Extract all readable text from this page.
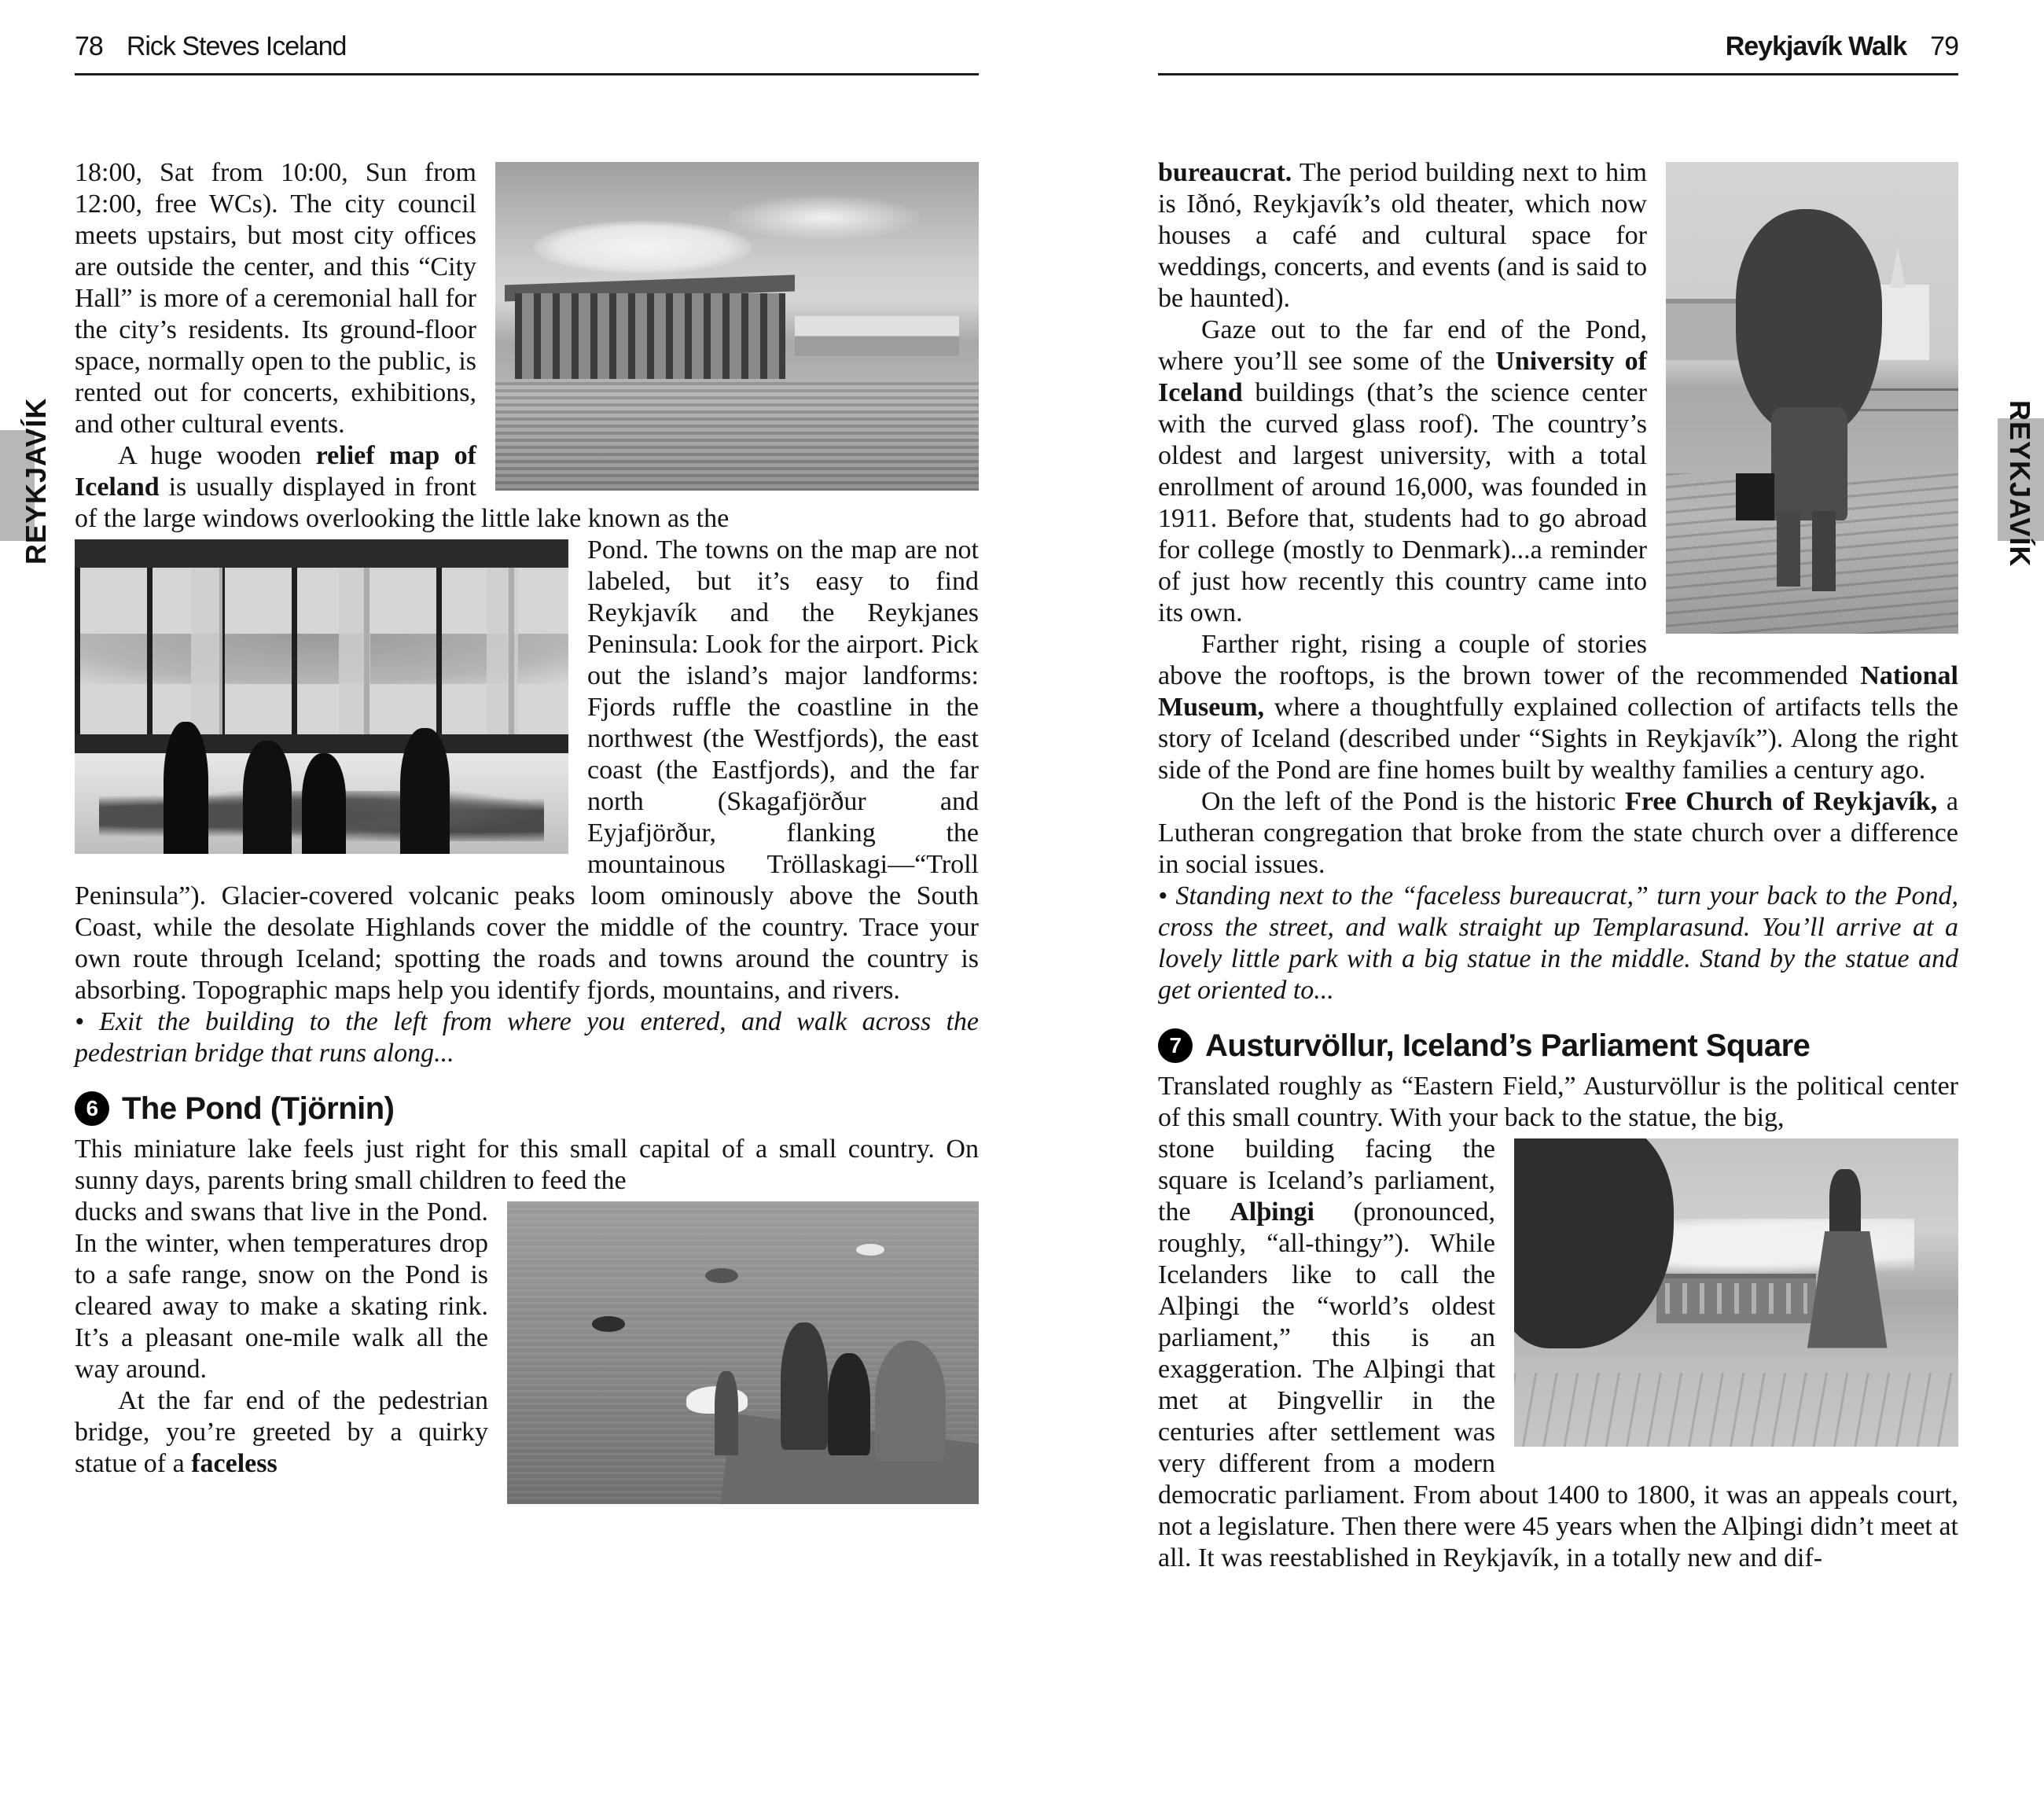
78 Rick Steves Iceland

18:00, Sat from 10:00, Sun from 12:00, free WCs). The city council meets upstairs, but most city offices are outside the center, and this “City Hall” is more of a ceremonial hall for the city’s residents. Its ground-floor space, normally open to the public, is rented out for concerts, exhibitions, and other cultural events.

A huge wooden relief map of Iceland is usually displayed in front of the large windows overlooking the little lake known as the

Pond. The towns on the map are not labeled, but it’s easy to find Reykjavík and the Reykjanes Peninsula: Look for the airport. Pick out the island’s major landforms: Fjords ruffle the coastline in the northwest (the Westfjords), the east coast (the Eastfjords), and the far north (Skagafjörður and Eyjafjörður, flanking the mountainous Tröllaskagi—“Troll Peninsula”). Glacier-covered volcanic peaks loom ominously above the South Coast, while the desolate Highlands cover the middle of the country. Trace your own route through Iceland; spotting the roads and towns around the country is absorbing. Topographic maps help you identify fjords, mountains, and rivers.

• Exit the building to the left from where you entered, and walk across the pedestrian bridge that runs along...

6 The Pond (Tjörnin)

This miniature lake feels just right for this small capital of a small country. On sunny days, parents bring small children to feed the

ducks and swans that live in the Pond. In the winter, when temperatures drop to a safe range, snow on the Pond is cleared away to make a skating rink. It’s a pleasant one-mile walk all the way around.

At the far end of the pedestrian bridge, you’re greeted by a quirky statue of a faceless

Reykjavík Walk 79

bureaucrat. The period building next to him is Iðnó, Reykjavík’s old theater, which now houses a café and cultural space for weddings, concerts, and events (and is said to be haunted).

Gaze out to the far end of the Pond, where you’ll see some of the University of Iceland buildings (that’s the science center with the curved glass roof). The country’s oldest and largest university, with a total enrollment of around 16,000, was founded in 1911. Before that, students had to go abroad for college (mostly to Denmark)...a reminder of just how recently this country came into its own.

Farther right, rising a couple of stories above the rooftops, is the brown tower of the recommended National Museum, where a thoughtfully explained collection of artifacts tells the story of Iceland (described under “Sights in Reykjavík”). Along the right side of the Pond are fine homes built by wealthy families a century ago.

On the left of the Pond is the historic Free Church of Reykjavík, a Lutheran congregation that broke from the state church over a difference in social issues.

• Standing next to the “faceless bureaucrat,” turn your back to the Pond, cross the street, and walk straight up Templarasund. You’ll arrive at a lovely little park with a big statue in the middle. Stand by the statue and get oriented to...

7 Austurvöllur, Iceland’s Parliament Square

Translated roughly as “Eastern Field,” Austurvöllur is the political center of this small country. With your back to the statue, the big,

stone building facing the square is Iceland’s parliament, the Alþingi (pronounced, roughly, “all-thingy”). While Icelanders like to call the Alþingi the “world’s oldest parliament,” this is an exaggeration. The Alþingi that met at Þingvellir in the centuries after settlement was very different from a modern democratic parliament. From about 1400 to 1800, it was an appeals court, not a legislature. Then there were 45 years when the Alþingi didn’t meet at all. It was reestablished in Reykjavík, in a totally new and dif-

REYKJAVÍK	REYKJAVÍK
